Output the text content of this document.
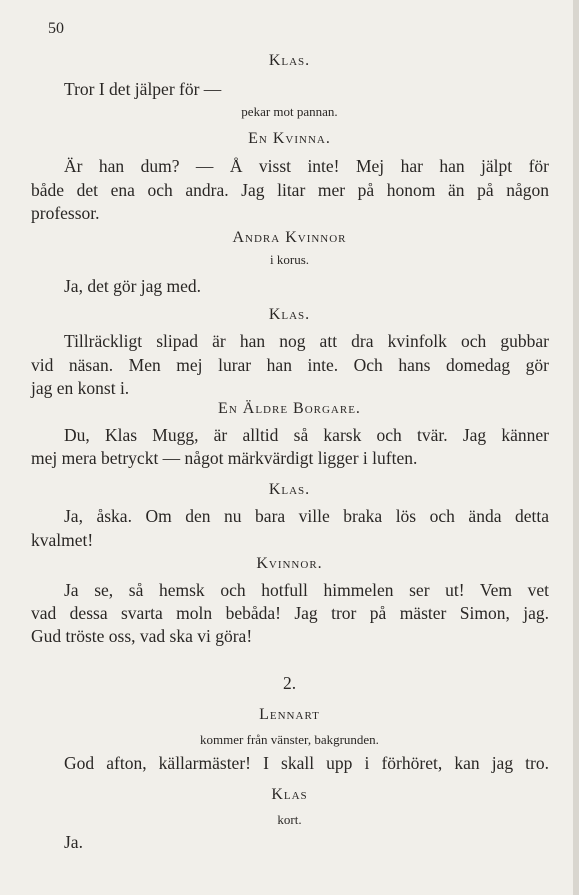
50
Klas.
Tror I det jälper för —
pekar mot pannan.
En Kvinna.
Är han dum? — Å visst inte! Mej har han jälpt för
både det ena och andra. Jag litar mer på honom än på någon
professor.
Andra Kvinnor
i korus.
Ja, det gör jag med.
Klas.
Tillräckligt slipad är han nog att dra kvinfolk och gubbar
vid näsan. Men mej lurar han inte. Och hans domedag gör
jag en konst i.
En Äldre Borgare.
Du, Klas Mugg, är alltid så karsk och tvär. Jag känner
mej mera betryckt — något märkvärdigt ligger i luften.
Klas.
Ja, åska. Om den nu bara ville braka lös och ända detta
kvalmet!
Kvinnor.
Ja se, så hemsk och hotfull himmelen ser ut! Vem vet
vad dessa svarta moln bebåda! Jag tror på mäster Simon, jag.
Gud tröste oss, vad ska vi göra!
2.
Lennart
kommer från vänster, bakgrunden.
God afton, källarmäster! I skall upp i förhöret, kan jag tro.
Klas
kort.
Ja.
